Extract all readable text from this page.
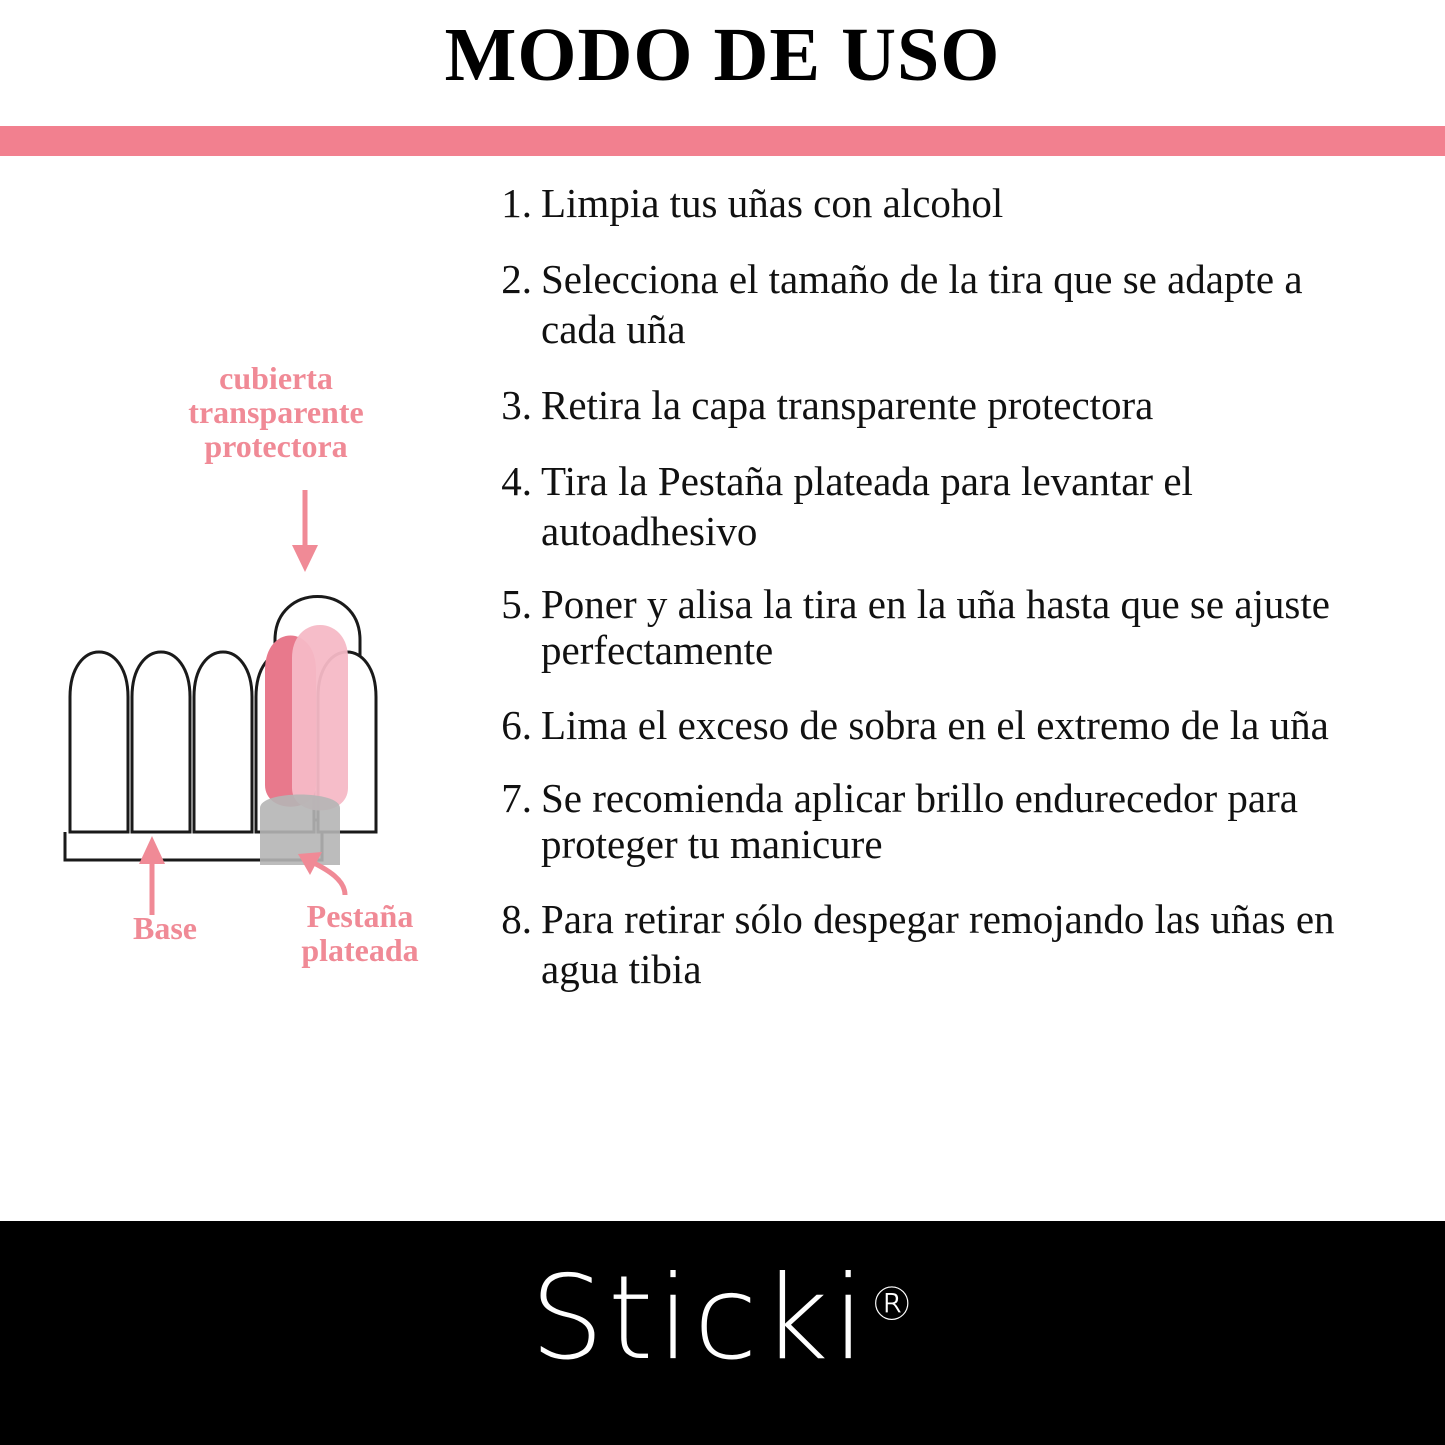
MODO DE USO
1. Limpia tus uñas con alcohol
2. Selecciona el tamaño de la tira que se adapte a cada uña
3. Retira la capa transparente protectora
4. Tira la Pestaña plateada para levantar el autoadhesivo
5. Poner y alisa la tira en la uña hasta que se ajuste perfectamente
6. Lima el exceso de sobra en el extremo de la uña
7. Se recomienda aplicar brillo endurecedor para proteger tu manicure
8. Para retirar sólo despegar remojando las uñas en agua tibia
cubierta transparente protectora
Base	Pestaña plateada
Sticki®
